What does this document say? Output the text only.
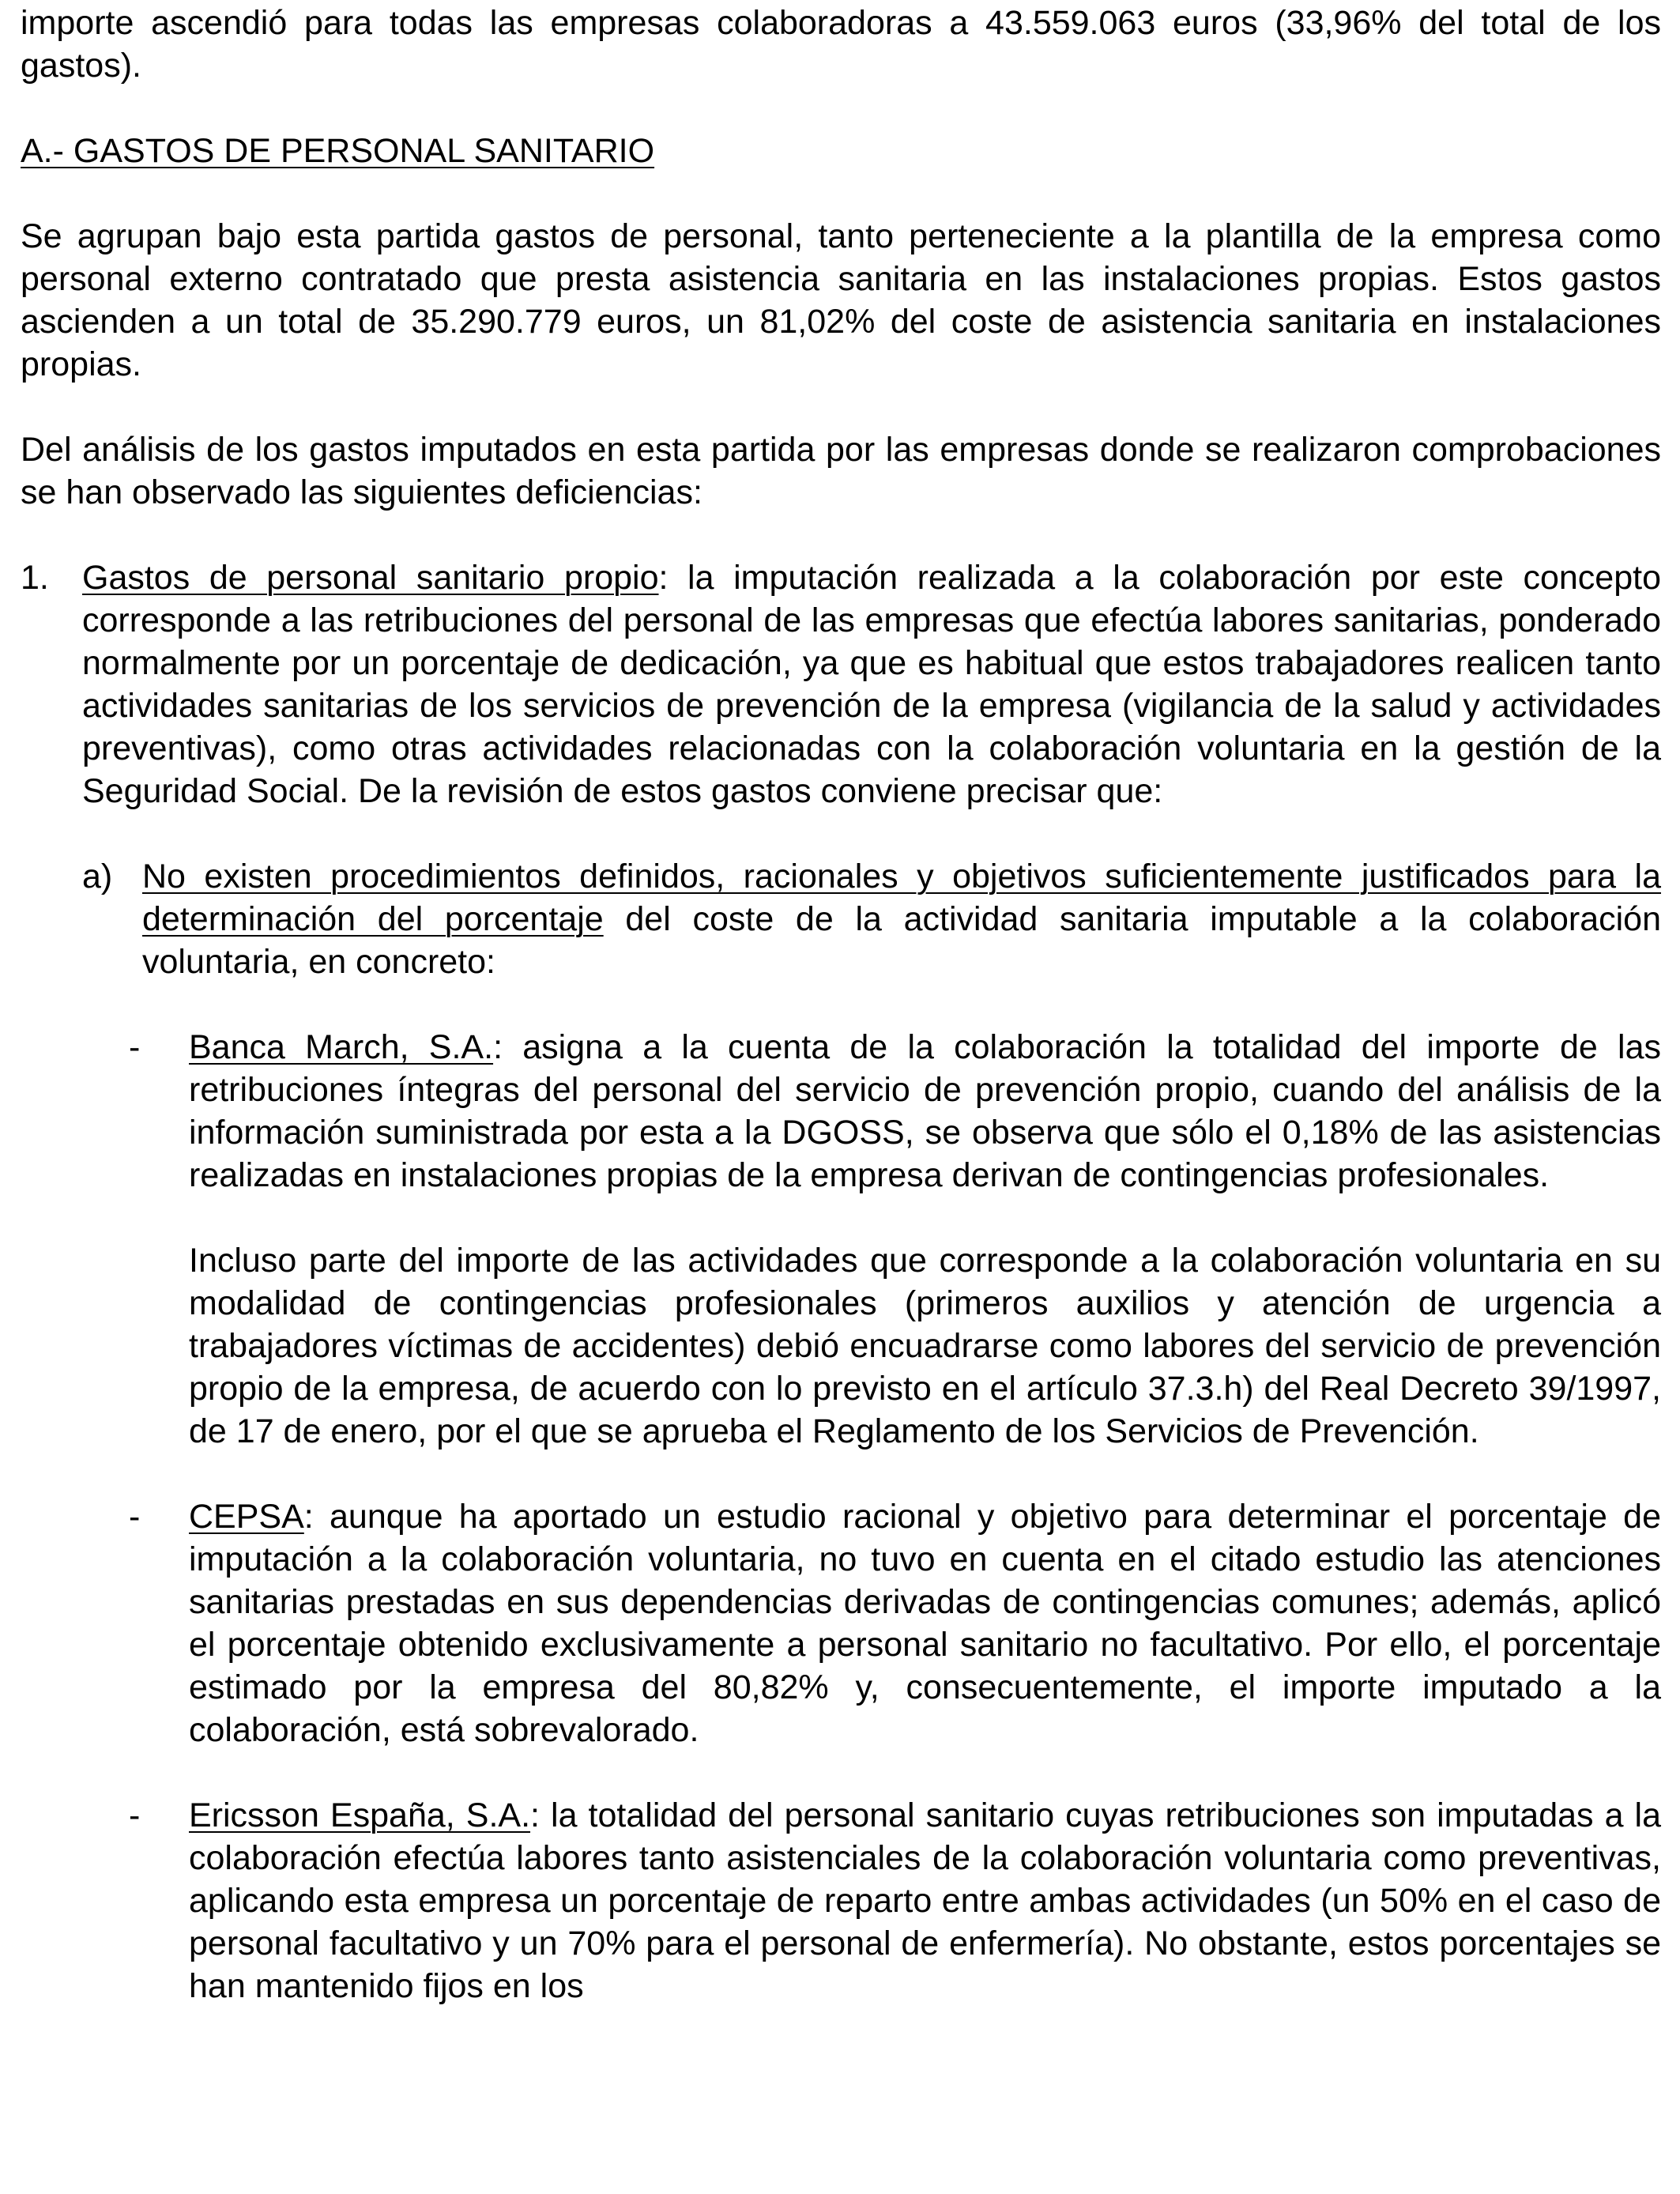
importe ascendió para todas las empresas colaboradoras a 43.559.063 euros (33,96% del total de los gastos).

A.- GASTOS DE PERSONAL SANITARIO

Se agrupan bajo esta partida gastos de personal, tanto perteneciente a la plantilla de la empresa como personal externo contratado que presta asistencia sanitaria en las instalaciones propias. Estos gastos ascienden a un total de 35.290.779 euros, un 81,02% del coste de asistencia sanitaria en instalaciones propias.

Del análisis de los gastos imputados en esta partida por las empresas donde se realizaron comprobaciones se han observado las siguientes deficiencias:

1. Gastos de personal sanitario propio: la imputación realizada a la colaboración por este concepto corresponde a las retribuciones del personal de las empresas que efectúa labores sanitarias, ponderado normalmente por un porcentaje de dedicación, ya que es habitual que estos trabajadores realicen tanto actividades sanitarias de los servicios de prevención de la empresa (vigilancia de la salud y actividades preventivas), como otras actividades relacionadas con la colaboración voluntaria en la gestión de la Seguridad Social. De la revisión de estos gastos conviene precisar que:

a) No existen procedimientos definidos, racionales y objetivos suficientemente justificados para la determinación del porcentaje del coste de la actividad sanitaria imputable a la colaboración voluntaria, en concreto:

- Banca March, S.A.: asigna a la cuenta de la colaboración la totalidad del importe de las retribuciones íntegras del personal del servicio de prevención propio, cuando del análisis de la información suministrada por esta a la DGOSS, se observa que sólo el 0,18% de las asistencias realizadas en instalaciones propias de la empresa derivan de contingencias profesionales.

Incluso parte del importe de las actividades que corresponde a la colaboración voluntaria en su modalidad de contingencias profesionales (primeros auxilios y atención de urgencia a trabajadores víctimas de accidentes) debió encuadrarse como labores del servicio de prevención propio de la empresa, de acuerdo con lo previsto en el artículo 37.3.h) del Real Decreto 39/1997, de 17 de enero, por el que se aprueba el Reglamento de los Servicios de Prevención.

- CEPSA: aunque ha aportado un estudio racional y objetivo para determinar el porcentaje de imputación a la colaboración voluntaria, no tuvo en cuenta en el citado estudio las atenciones sanitarias prestadas en sus dependencias derivadas de contingencias comunes; además, aplicó el porcentaje obtenido exclusivamente a personal sanitario no facultativo. Por ello, el porcentaje estimado por la empresa del 80,82% y, consecuentemente, el importe imputado a la colaboración, está sobrevalorado.

- Ericsson España, S.A.: la totalidad del personal sanitario cuyas retribuciones son imputadas a la colaboración efectúa labores tanto asistenciales de la colaboración voluntaria como preventivas, aplicando esta empresa un porcentaje de reparto entre ambas actividades (un 50% en el caso de personal facultativo y un 70% para el personal de enfermería). No obstante, estos porcentajes se han mantenido fijos en los
